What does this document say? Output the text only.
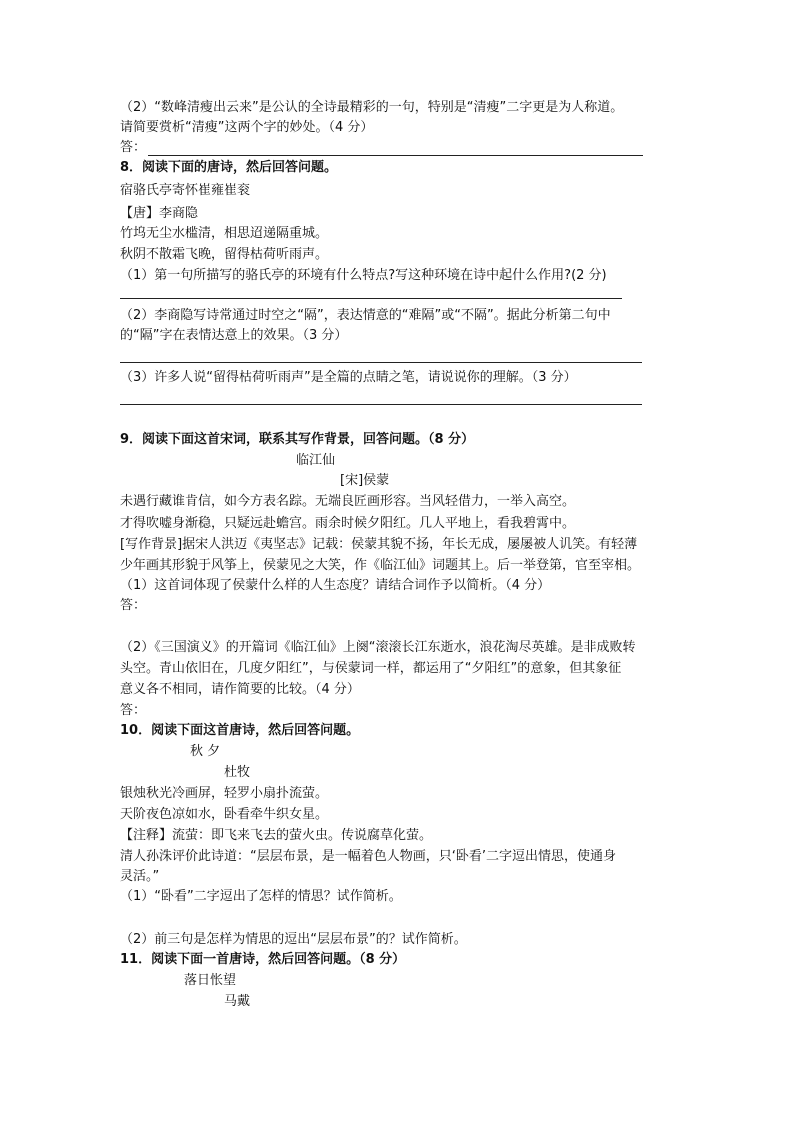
（2）“数峰清瘦出云来”是公认的全诗最精彩的一句，特别是“清瘦”二字更是为人称道。
请简要赏析“清瘦”这两个字的妙处。（4 分）
答：
8．阅读下面的唐诗，然后回答问题。
宿骆氏亭寄怀崔雍崔衮
【唐】李商隐
竹坞无尘水槛清，相思迢递隔重城。
秋阴不散霜飞晚，留得枯荷听雨声。
（1）第一句所描写的骆氏亭的环境有什么特点?写这种环境在诗中起什么作用?(2 分)
（2）李商隐写诗常通过时空之“隔”，表达情意的“难隔”或“不隔”。据此分析第二句中
的“隔”字在表情达意上的效果。（3 分）
（3）许多人说“留得枯荷听雨声”是全篇的点睛之笔，请说说你的理解。（3 分）
9．阅读下面这首宋词，联系其写作背景，回答问题。（8 分）
临江仙
[宋]侯蒙
未遇行藏谁肯信，如今方表名踪。无端良匠画形容。当风轻借力，一举入高空。
才得吹嘘身渐稳，只疑远赴蟾宫。雨余时候夕阳红。几人平地上，看我碧霄中。
[写作背景]据宋人洪迈《夷坚志》记载：侯蒙其貌不扬，年长无成，屡屡被人讥笑。有轻薄
少年画其形貌于风筝上，侯蒙见之大笑，作《临江仙》词题其上。后一举登第，官至宰相。
（1）这首词体现了侯蒙什么样的人生态度？请结合词作予以简析。（4 分）
答：
（2）《三国演义》的开篇词《临江仙》上阕“滚滚长江东逝水，浪花淘尽英雄。是非成败转
头空。青山依旧在，几度夕阳红”，与侯蒙词一样，都运用了“夕阳红”的意象，但其象征
意义各不相同，请作简要的比较。（4 分）
答：
10．阅读下面这首唐诗，然后回答问题。
秋 夕
杜牧
银烛秋光冷画屏，轻罗小扇扑流萤。
天阶夜色凉如水，卧看牵牛织女星。
【注释】流萤：即飞来飞去的萤火虫。传说腐草化萤。
清人孙洙评价此诗道：“层层布景，是一幅着色人物画，只‘卧看’二字逗出情思，使通身
灵活。”
（1）“卧看”二字逗出了怎样的情思？试作简析。
（2）前三句是怎样为情思的逗出“层层布景”的？试作简析。
11．阅读下面一首唐诗，然后回答问题。（8 分）
落日怅望
马戴
